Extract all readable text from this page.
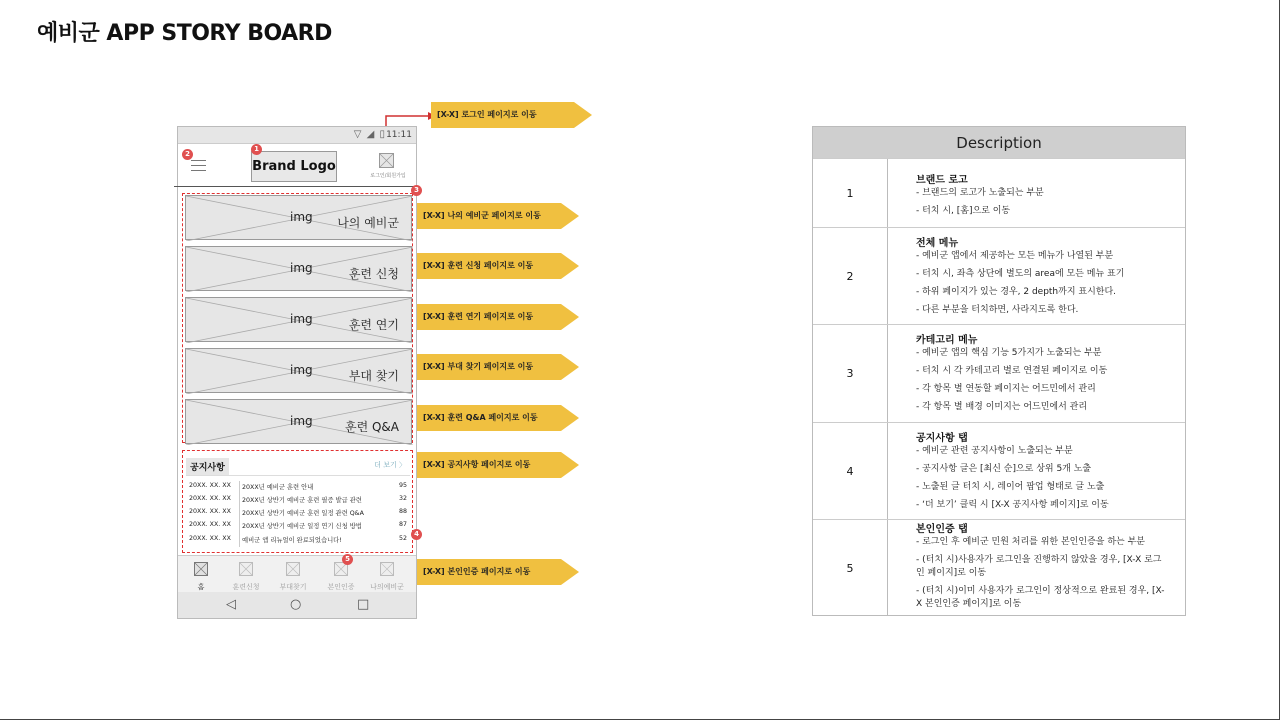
예비군 APP STORY BOARD
▽ ◢ ▯ 11:11
Brand Logo
로그인/회원가입
img 나의 예비군
img	훈련 신청
img	훈련 연기
img	부대 찾기
img	훈련 Q&A
공지사항	더 보기 〉
20XX. XX. XX 20XX년 예비군 훈련 안내	95
20XX. XX. XX 20XX년 상반기 예비군 훈련 필증 발급 관련	32
20XX. XX. XX 20XX년 상반기 예비군 훈련 일정 관련 Q&A	88
20XX. XX. XX 20XX년 상반기 예비군 일정 연기 신청 방법	87
20XX. XX. XX 예비군 앱 리뉴얼이 완료되었습니다!	52
홈	훈련신청	부대찾기	본인인증	나의예비군
◁	○	□
1
2
3
4
5
[X-X] 로그인 페이지로 이동
[X-X] 나의 예비군 페이지로 이동
[X-X] 훈련 신청 페이지로 이동
[X-X] 훈련 연기 페이지로 이동
[X-X] 부대 찾기 페이지로 이동
[X-X] 훈련 Q&A 페이지로 이동
[X-X] 공지사항 페이지로 이동
[X-X] 본인인증 페이지로 이동
Description
1
브랜드 로고
- 브랜드의 로고가 노출되는 부분
- 터치 시, [홈]으로 이동
2
전체 메뉴
- 예비군 앱에서 제공하는 모든 메뉴가 나열된 부분
- 터치 시, 좌측 상단에 별도의 area에 모든 메뉴 표기
- 하위 페이지가 있는 경우, 2 depth까지 표시한다.
- 다른 부분을 터치하면, 사라지도록 한다.
3
카테고리 메뉴
- 예비군 앱의 핵심 기능 5가지가 노출되는 부분
- 터치 시 각 카테고리 별로 연결된 페이지로 이동
- 각 항목 별 연동할 페이지는 어드민에서 관리
- 각 항목 별 배경 이미지는 어드민에서 관리
4
공지사항 탭
- 예비군 관련 공지사항이 노출되는 부분
- 공지사항 글은 [최신 순]으로 상위 5개 노출
- 노출된 글 터치 시, 레이어 팝업 형태로 글 노출
- ‘더 보기’ 클릭 시 [X-X 공지사항 페이지]로 이동
5
본인인증 탭
- 로그인 후 예비군 민원 처리를 위한 본인인증을 하는 부분
- (터치 시)사용자가 로그인을 진행하지 않았을 경우, [X-X 로그인 페이지]로 이동
- (터치 시)이미 사용자가 로그인이 정상적으로 완료된 경우, [X-X 본인인증 페이지]로 이동
